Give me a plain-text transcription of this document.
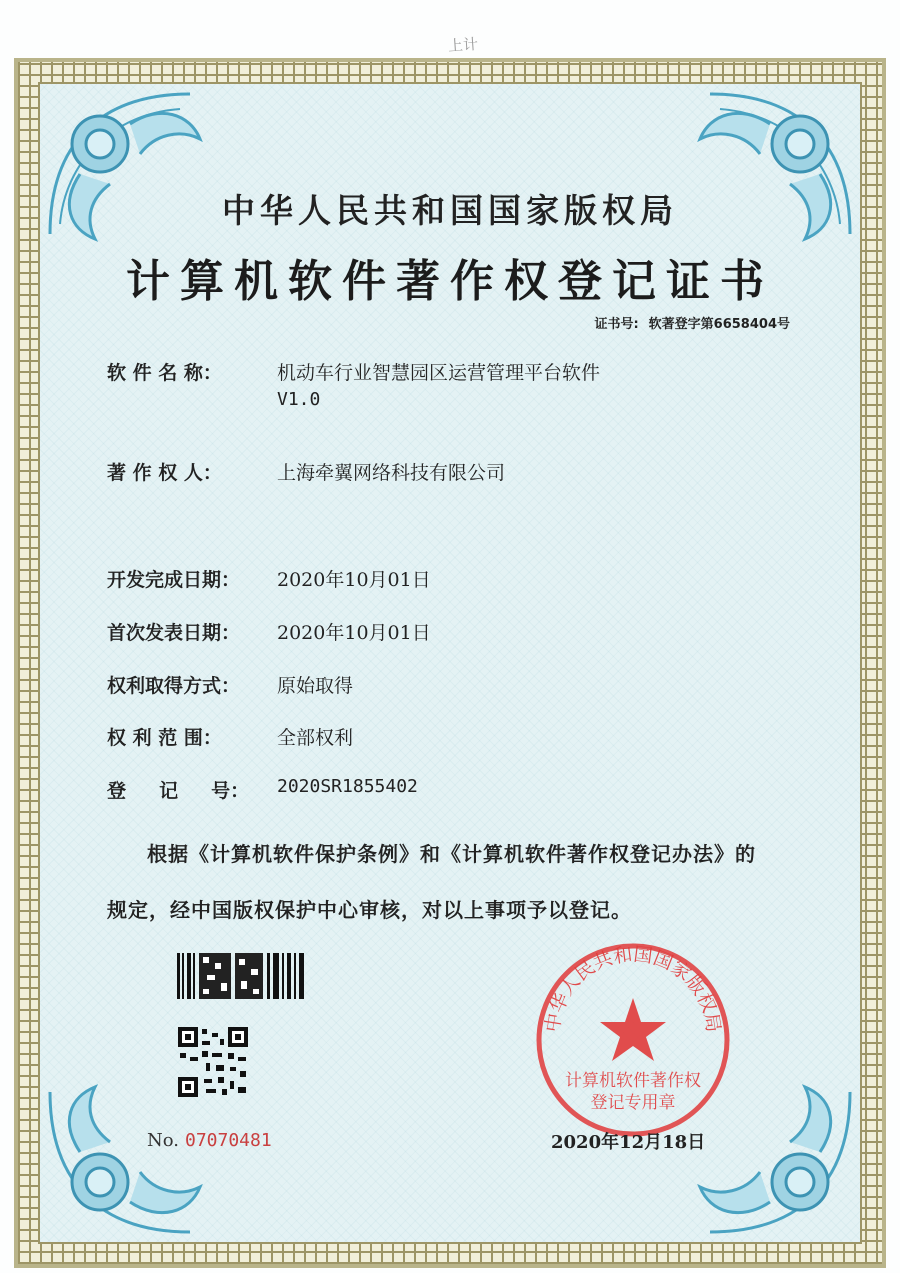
上计
中华人民共和国国家版权局
计算机软件著作权登记证书
证书号: 软著登字第6658404号
软 件 名 称：	机动车行业智慧园区运营管理平台软件
V1.0
著 作 权 人：	上海牵翼网络科技有限公司
开发完成日期：	2020年10月01日
首次发表日期：	2020年10月01日
权利取得方式：	原始取得
权 利 范 围：	全部权利
登     记     号：	2020SR1855402
根据《计算机软件保护条例》和《计算机软件著作权登记办法》的
规定，经中国版权保护中心审核，对以上事项予以登记。
No. 07070481
中华人民共和国国家版权局
计算机软件著作权
登记专用章
2020年12月18日
